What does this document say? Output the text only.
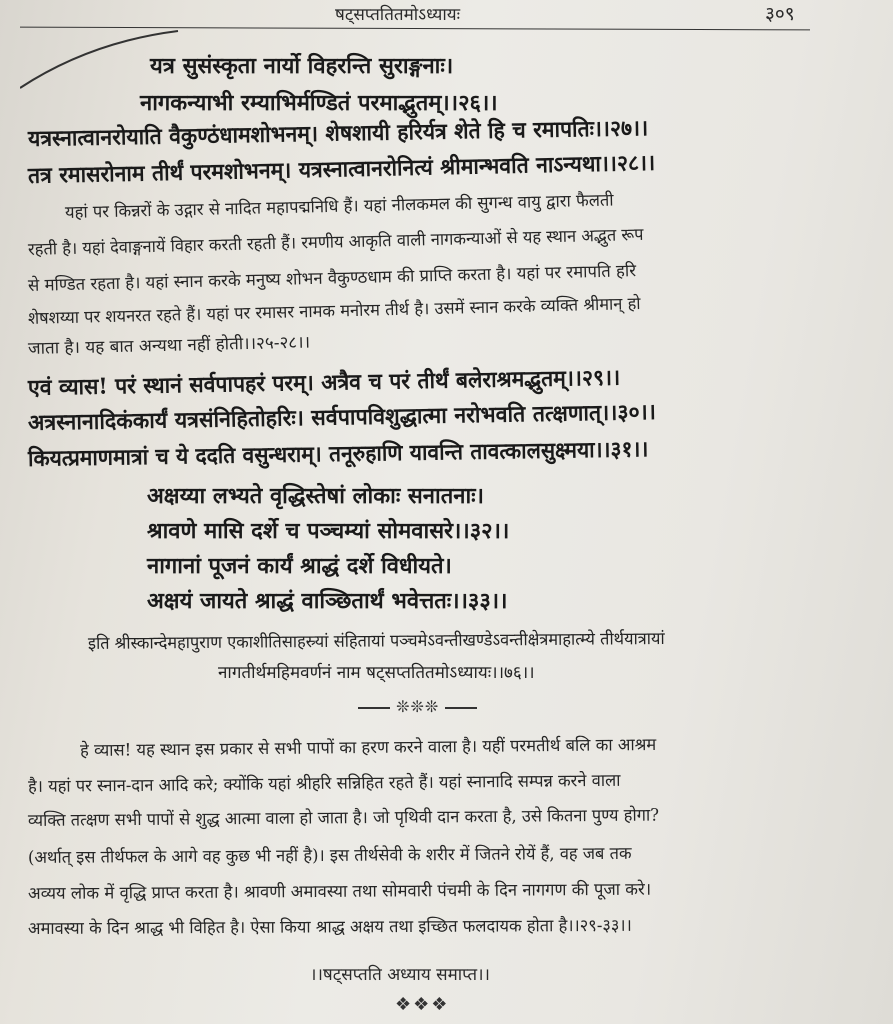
षट्सप्ततितमोऽध्यायः	३०९
यत्र सुसंस्कृता नार्यो विहरन्ति सुराङ्गनाः।
नागकन्याभी रम्याभिर्मण्डितं परमाद्भुतम्।।२६।।
यत्रस्नात्वानरोयाति वैकुण्ठंधामशोभनम्। शेषशायी हरिर्यत्र शेते हि च रमापतिः।।२७।।
तत्र रमासरोनाम तीर्थं परमशोभनम्। यत्रस्नात्वानरोनित्यं श्रीमान्भवति नाऽन्यथा।।२८।।
यहां पर किन्नरों के उद्गार से नादित महापद्मनिधि हैं। यहां नीलकमल की सुगन्ध वायु द्वारा फैलती
रहती है। यहां देवाङ्गनायें विहार करती रहती हैं। रमणीय आकृति वाली नागकन्याओं से यह स्थान अद्भुत रूप
से मण्डित रहता है। यहां स्नान करके मनुष्य शोभन वैकुण्ठधाम की प्राप्ति करता है। यहां पर रमापति हरि
शेषशय्या पर शयनरत रहते हैं। यहां पर रमासर नामक मनोरम तीर्थ है। उसमें स्नान करके व्यक्ति श्रीमान् हो
जाता है। यह बात अन्यथा नहीं होती।।२५-२८।।
एवं व्यास! परं स्थानं सर्वपापहरं परम्। अत्रैव च परं तीर्थं बलेराश्रमद्भुतम्।।२९।।
अत्रस्नानादिकंकार्यं यत्रसंनिहितोहरिः। सर्वपापविशुद्धात्मा नरोभवति तत्क्षणात्।।३०।।
कियत्प्रमाणमात्रां च ये ददति वसुन्धराम्। तनूरुहाणि यावन्ति तावत्कालसुक्ष्मया।।३१।।
अक्षय्या लभ्यते वृद्धिस्तेषां लोकाः सनातनाः।
श्रावणे मासि दर्शे च पञ्चम्यां सोमवासरे।।३२।।
नागानां पूजनं कार्यं श्राद्धं दर्शे विधीयते।
अक्षयं जायते श्राद्धं वाञ्छितार्थं भवेत्ततः।।३३।।
इति श्रीस्कान्देमहापुराण एकाशीतिसाहस्र्यां संहितायां पञ्चमेऽवन्तीखण्डेऽवन्तीक्षेत्रमाहात्म्ये तीर्थयात्रायां
नागतीर्थमहिमवर्णनं नाम षट्सप्ततितमोऽध्यायः।।७६।।
❊❊❊
हे व्यास! यह स्थान इस प्रकार से सभी पापों का हरण करने वाला है। यहीं परमतीर्थ बलि का आश्रम
है। यहां पर स्नान-दान आदि करे; क्योंकि यहां श्रीहरि सन्निहित रहते हैं। यहां स्नानादि सम्पन्न करने वाला
व्यक्ति तत्क्षण सभी पापों से शुद्ध आत्मा वाला हो जाता है। जो पृथिवी दान करता है, उसे कितना पुण्य होगा?
(अर्थात् इस तीर्थफल के आगे वह कुछ भी नहीं है)। इस तीर्थसेवी के शरीर में जितने रोयें हैं, वह जब तक
अव्यय लोक में वृद्धि प्राप्त करता है। श्रावणी अमावस्या तथा सोमवारी पंचमी के दिन नागगण की पूजा करे।
अमावस्या के दिन श्राद्ध भी विहित है। ऐसा किया श्राद्ध अक्षय तथा इच्छित फलदायक होता है।।२९-३३।।
।।षट्सप्तति अध्याय समाप्त।।
❖❖❖
